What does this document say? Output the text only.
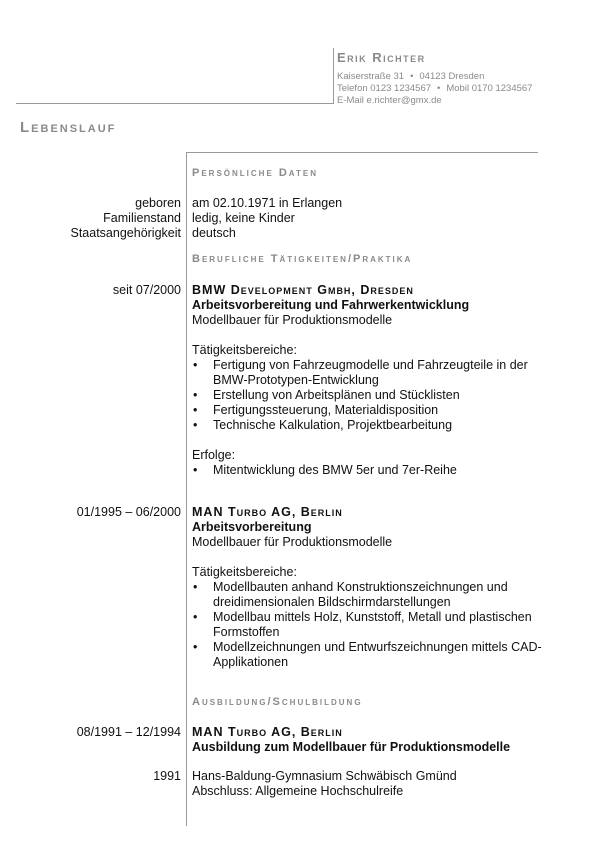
Erik Richter
Kaiserstraße 31 • 04123 Dresden
Telefon 0123 1234567 • Mobil 0170 1234567
E-Mail e.richter@gmx.de
Lebenslauf
Persönliche Daten
geboren am 02.10.1971 in Erlangen
Familienstand ledig, keine Kinder
Staatsangehörigkeit deutsch
Berufliche Tätigkeiten/Praktika
seit 07/2000 BMW Development Gmbh, Dresden
Arbeitsvorbereitung und Fahrwerkentwicklung
Modellbauer für Produktionsmodelle
Tätigkeitsbereiche:
• Fertigung von Fahrzeugmodelle und Fahrzeugteile in der BMW-Prototypen-Entwicklung
• Erstellung von Arbeitsplänen und Stücklisten
• Fertigungssteuerung, Materialdisposition
• Technische Kalkulation, Projektbearbeitung
Erfolge:
• Mitentwicklung des BMW 5er und 7er-Reihe
01/1995 – 06/2000 MAN Turbo AG, Berlin
Arbeitsvorbereitung
Modellbauer für Produktionsmodelle
Tätigkeitsbereiche:
• Modellbauten anhand Konstruktionszeichnungen und dreidimensionalen Bildschirmdarstellungen
• Modellbau mittels Holz, Kunststoff, Metall und plastischen Formstoffen
• Modellzeichnungen und Entwurfszeichnungen mittels CAD-Applikationen
Ausbildung/Schulbildung
08/1991 – 12/1994 MAN Turbo AG, Berlin
Ausbildung zum Modellbauer für Produktionsmodelle
1991 Hans-Baldung-Gymnasium Schwäbisch Gmünd
Abschluss: Allgemeine Hochschulreife
